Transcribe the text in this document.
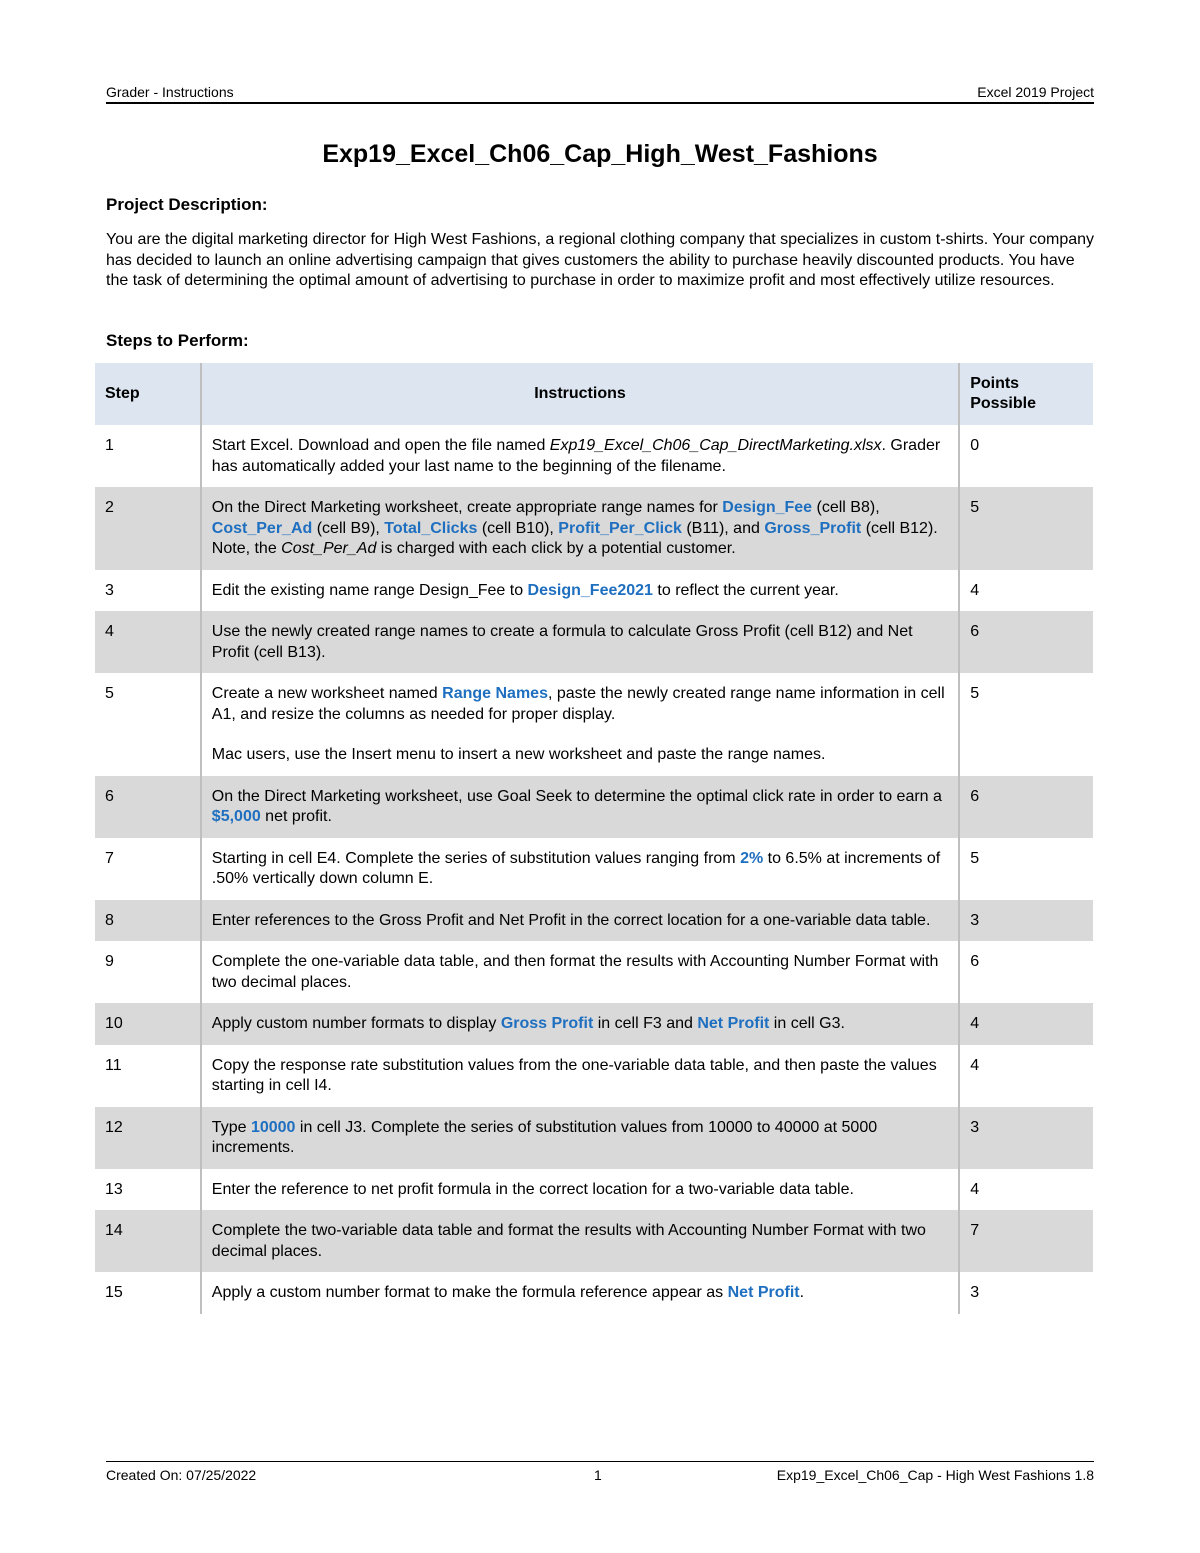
Grader - Instructions	Excel 2019 Project
Exp19_Excel_Ch06_Cap_High_West_Fashions
Project Description:

You are the digital marketing director for High West Fashions, a regional clothing company that specializes in custom t-shirts. Your company has decided to launch an online advertising campaign that gives customers the ability to purchase heavily discounted products. You have the task of determining the optimal amount of advertising to purchase in order to maximize profit and most effectively utilize resources.

Steps to Perform:
Step	Instructions	Points Possible
1	Start Excel. Download and open the file named Exp19_Excel_Ch06_Cap_DirectMarketing.xlsx. Grader has automatically added your last name to the beginning of the filename.	0
2	On the Direct Marketing worksheet, create appropriate range names for Design_Fee (cell B8), Cost_Per_Ad (cell B9), Total_Clicks (cell B10), Profit_Per_Click (B11), and Gross_Profit (cell B12).
Note, the Cost_Per_Ad is charged with each click by a potential customer.	5
3	Edit the existing name range Design_Fee to Design_Fee2021 to reflect the current year.	4
4	Use the newly created range names to create a formula to calculate Gross Profit (cell B12) and Net Profit (cell B13).	6
5	Create a new worksheet named Range Names, paste the newly created range name information in cell A1, and resize the columns as needed for proper display.
Mac users, use the Insert menu to insert a new worksheet and paste the range names.	5
6	On the Direct Marketing worksheet, use Goal Seek to determine the optimal click rate in order to earn a $5,000 net profit.	6
7	Starting in cell E4. Complete the series of substitution values ranging from 2% to 6.5% at increments of .50% vertically down column E.	5
8	Enter references to the Gross Profit and Net Profit in the correct location for a one-variable data table.	3
9	Complete the one-variable data table, and then format the results with Accounting Number Format with two decimal places.	6
10	Apply custom number formats to display Gross Profit in cell F3 and Net Profit in cell G3.	4
11	Copy the response rate substitution values from the one-variable data table, and then paste the values starting in cell I4.	4
12	Type 10000 in cell J3. Complete the series of substitution values from 10000 to 40000 at 5000 increments.	3
13	Enter the reference to net profit formula in the correct location for a two-variable data table.	4
14	Complete the two-variable data table and format the results with Accounting Number Format with two decimal places.	7
15	Apply a custom number format to make the formula reference appear as Net Profit.	3
Created On: 07/25/2022	1	Exp19_Excel_Ch06_Cap - High West Fashions 1.8
